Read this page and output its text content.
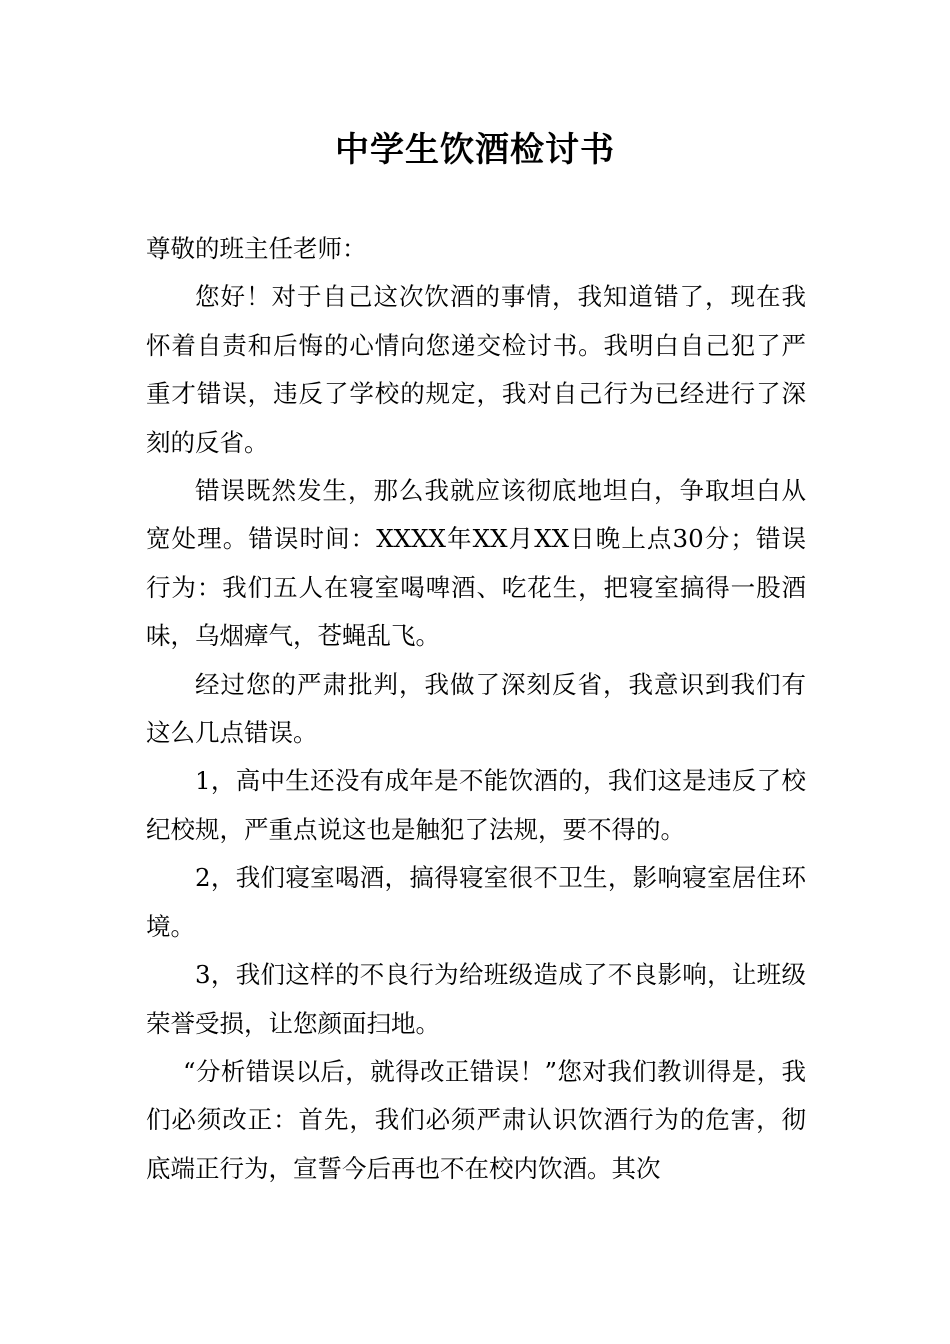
中学生饮酒检讨书

尊敬的班主任老师：

您好！对于自己这次饮酒的事情，我知道错了，现在我怀着自责和后悔的心情向您递交检讨书。我明白自己犯了严重才错误，违反了学校的规定，我对自己行为已经进行了深刻的反省。

错误既然发生，那么我就应该彻底地坦白，争取坦白从宽处理。错误时间：XXXX年XX月XX日晚上点30分；错误行为：我们五人在寝室喝啤酒、吃花生，把寝室搞得一股酒味，乌烟瘴气，苍蝇乱飞。

经过您的严肃批判，我做了深刻反省，我意识到我们有这么几点错误。

1，高中生还没有成年是不能饮酒的，我们这是违反了校纪校规，严重点说这也是触犯了法规，要不得的。

2，我们寝室喝酒，搞得寝室很不卫生，影响寝室居住环境。

3，我们这样的不良行为给班级造成了不良影响，让班级荣誉受损，让您颜面扫地。

“分析错误以后，就得改正错误！”您对我们教训得是，我们必须改正：首先，我们必须严肃认识饮酒行为的危害，彻底端正行为，宣誓今后再也不在校内饮酒。其次
